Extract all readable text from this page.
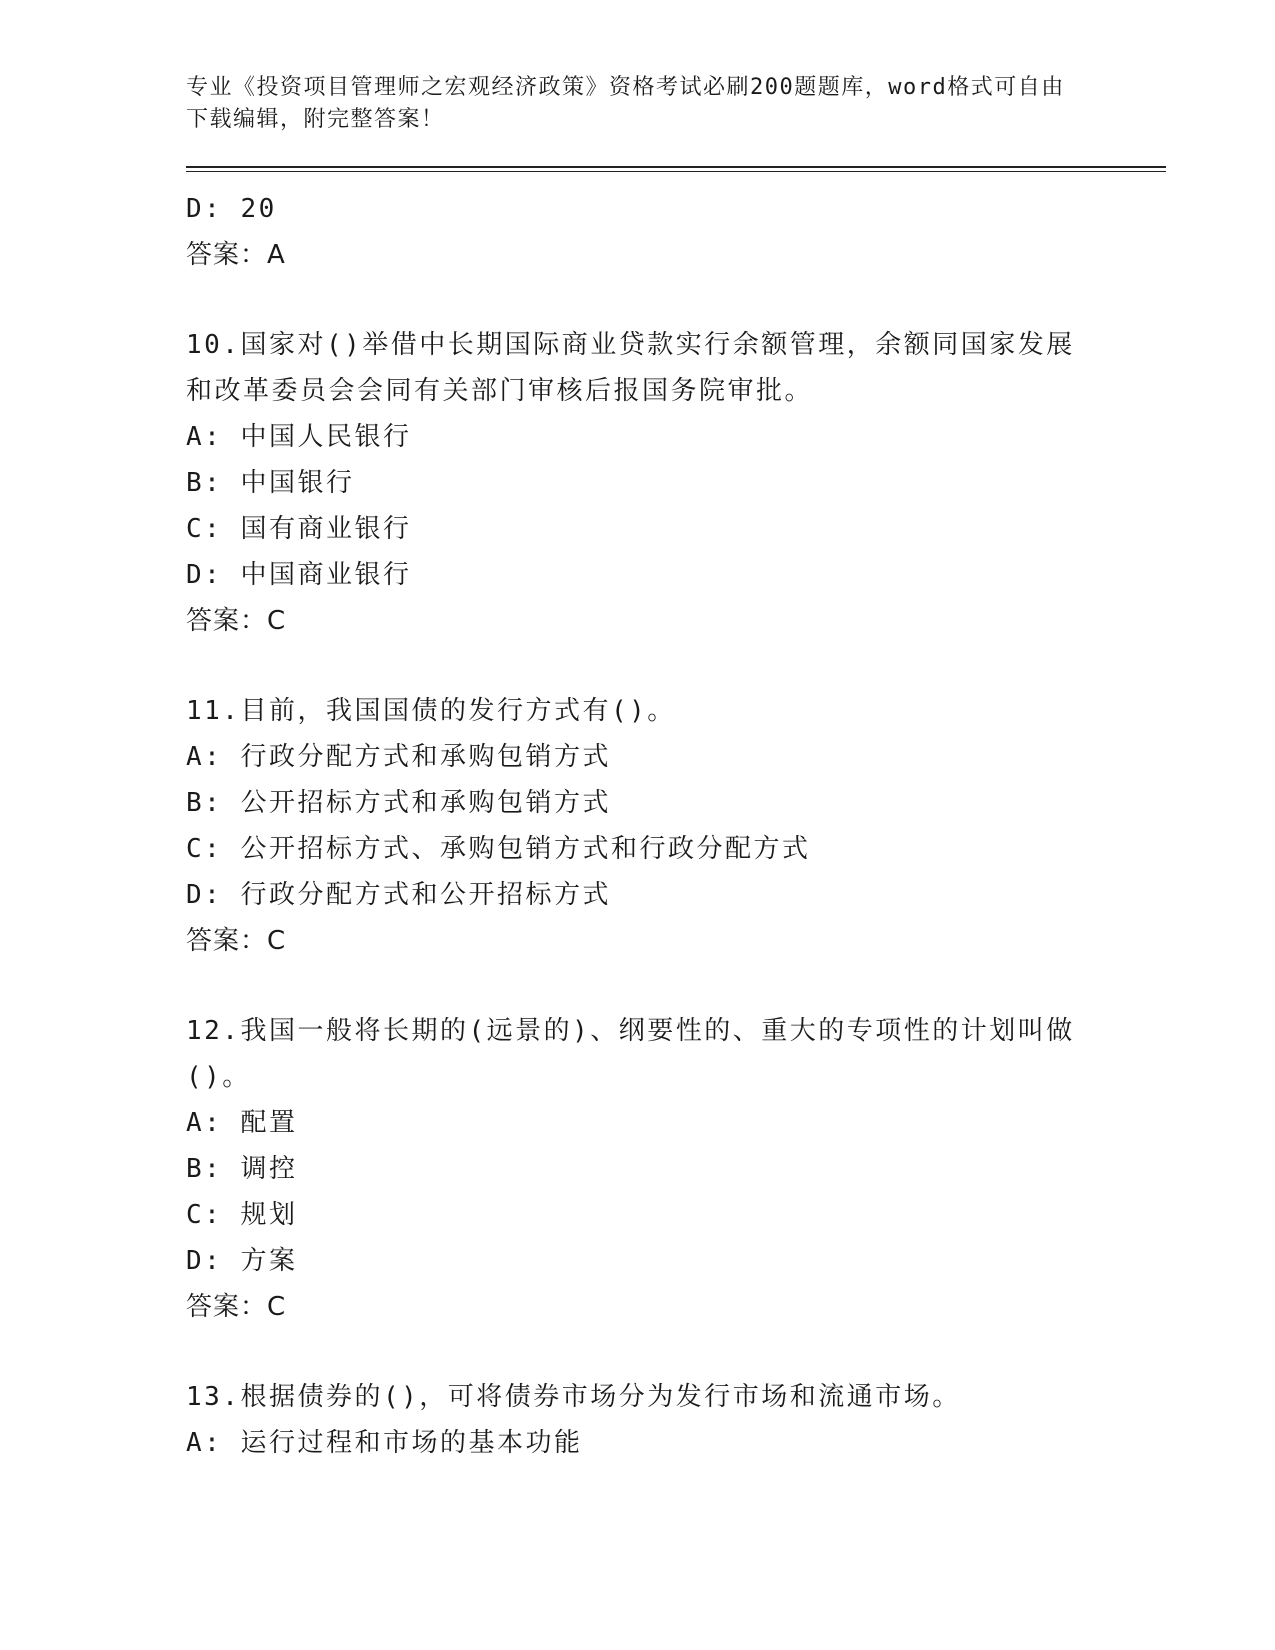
专业《投资项目管理师之宏观经济政策》资格考试必刷200题题库，word格式可自由下载编辑，附完整答案！

D: 20

答案：A

10.国家对()举借中长期国际商业贷款实行余额管理，余额同国家发展和改革委员会会同有关部门审核后报国务院审批。

A: 中国人民银行

B: 中国银行

C: 国有商业银行

D: 中国商业银行

答案：C

11.目前，我国国债的发行方式有()。

A: 行政分配方式和承购包销方式

B: 公开招标方式和承购包销方式

C: 公开招标方式、承购包销方式和行政分配方式

D: 行政分配方式和公开招标方式

答案：C

12.我国一般将长期的(远景的)、纲要性的、重大的专项性的计划叫做()。

A: 配置

B: 调控

C: 规划

D: 方案

答案：C

13.根据债券的()，可将债券市场分为发行市场和流通市场。

A: 运行过程和市场的基本功能
